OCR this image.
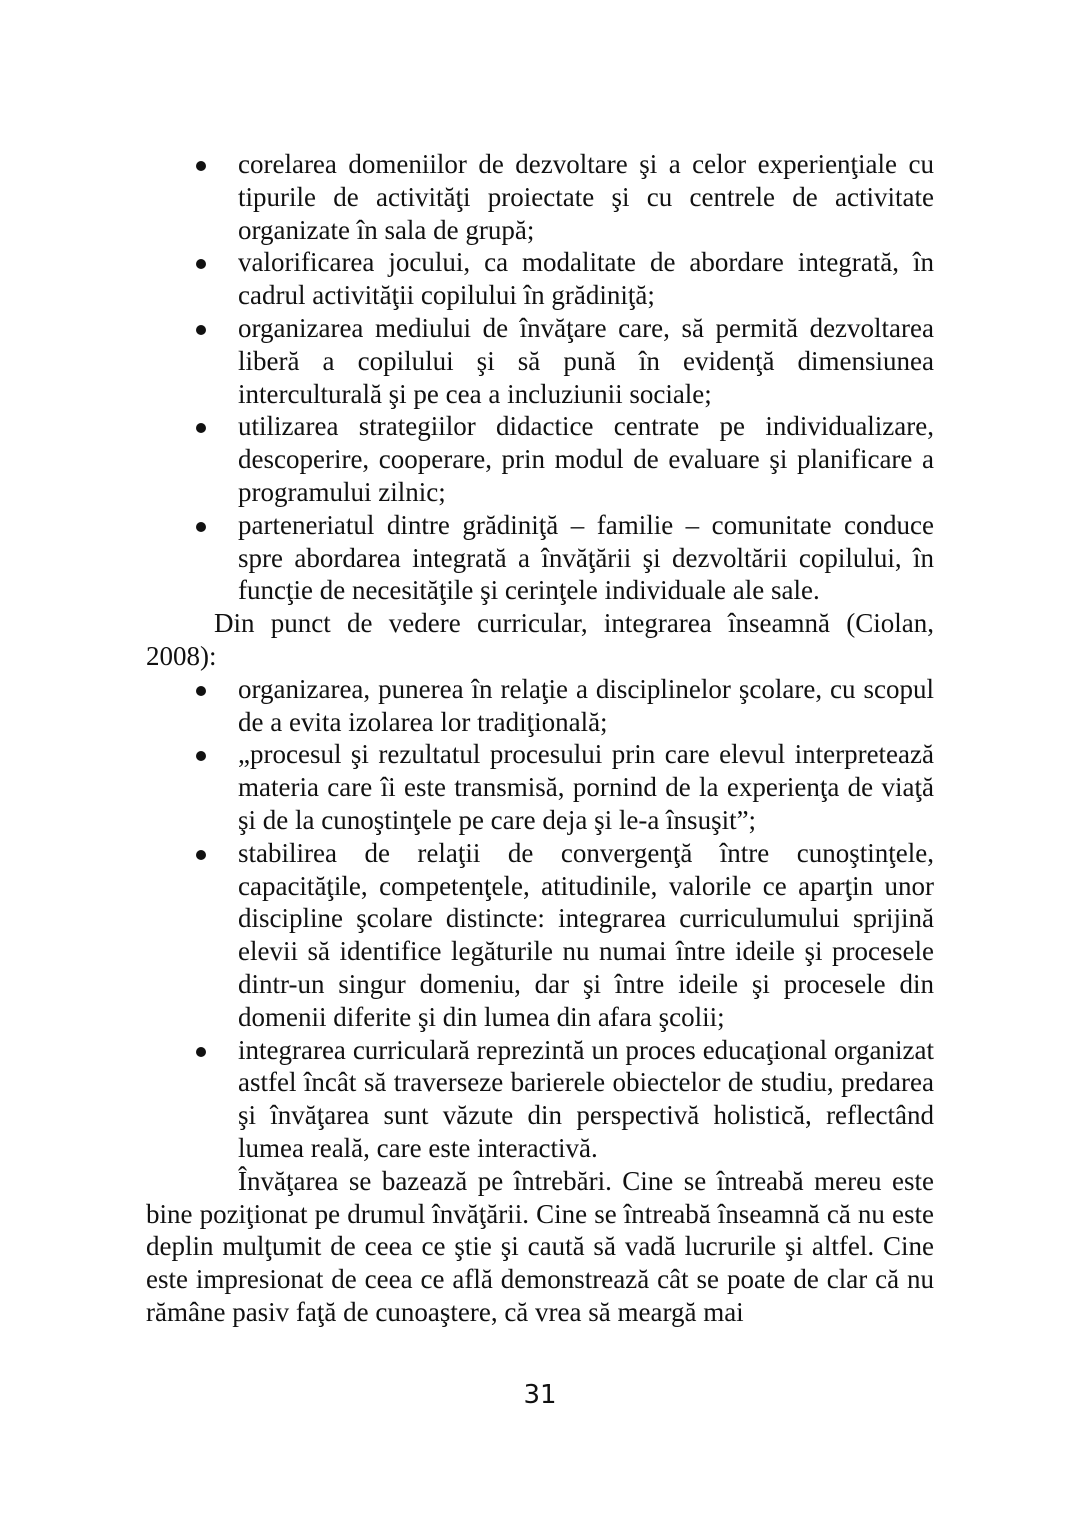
corelarea domeniilor de dezvoltare şi a celor experienţiale cu tipurile de activităţi proiectate şi cu centrele de activitate organizate în sala de grupă;
valorificarea jocului, ca modalitate de abordare integrată, în cadrul activităţii copilului în grădiniţă;
organizarea mediului de învăţare care, să permită dezvoltarea liberă a copilului şi să pună în evidenţă dimensiunea interculturală şi pe cea a incluziunii sociale;
utilizarea strategiilor didactice centrate pe individualizare, descoperire, cooperare, prin modul de evaluare şi planificare a programului zilnic;
parteneriatul dintre grădiniţă – familie – comunitate conduce spre abordarea integrată a învăţării şi dezvoltării copilului, în funcţie de necesităţile şi cerinţele individuale ale sale.

Din punct de vedere curricular, integrarea înseamnă (Ciolan, 2008):

organizarea, punerea în relaţie a disciplinelor şcolare, cu scopul de a evita izolarea lor tradiţională;
„procesul şi rezultatul procesului prin care elevul interpretează materia care îi este transmisă, pornind de la experienţa de viaţă şi de la cunoştinţele pe care deja şi le-a însuşit”;
stabilirea de relaţii de convergenţă între cunoştinţele, capacităţile, competenţele, atitudinile, valorile ce aparţin unor discipline şcolare distincte: integrarea curriculumului sprijină elevii să identifice legăturile nu numai între ideile şi procesele dintr-un singur domeniu, dar şi între ideile şi procesele din domenii diferite şi din lumea din afara şcolii;
integrarea curriculară reprezintă un proces educaţional organizat astfel încât să traverseze barierele obiectelor de studiu, predarea şi învăţarea sunt văzute din perspectivă holistică, reflectând lumea reală, care este interactivă.

Învăţarea se bazează pe întrebări. Cine se întreabă mereu este bine poziţionat pe drumul învăţării. Cine se întreabă înseamnă că nu este deplin mulţumit de ceea ce ştie şi caută să vadă lucrurile şi altfel. Cine este impresionat de ceea ce află demonstrează cât se poate de clar că nu rămâne pasiv faţă de cunoaştere, că vrea să meargă mai

31
